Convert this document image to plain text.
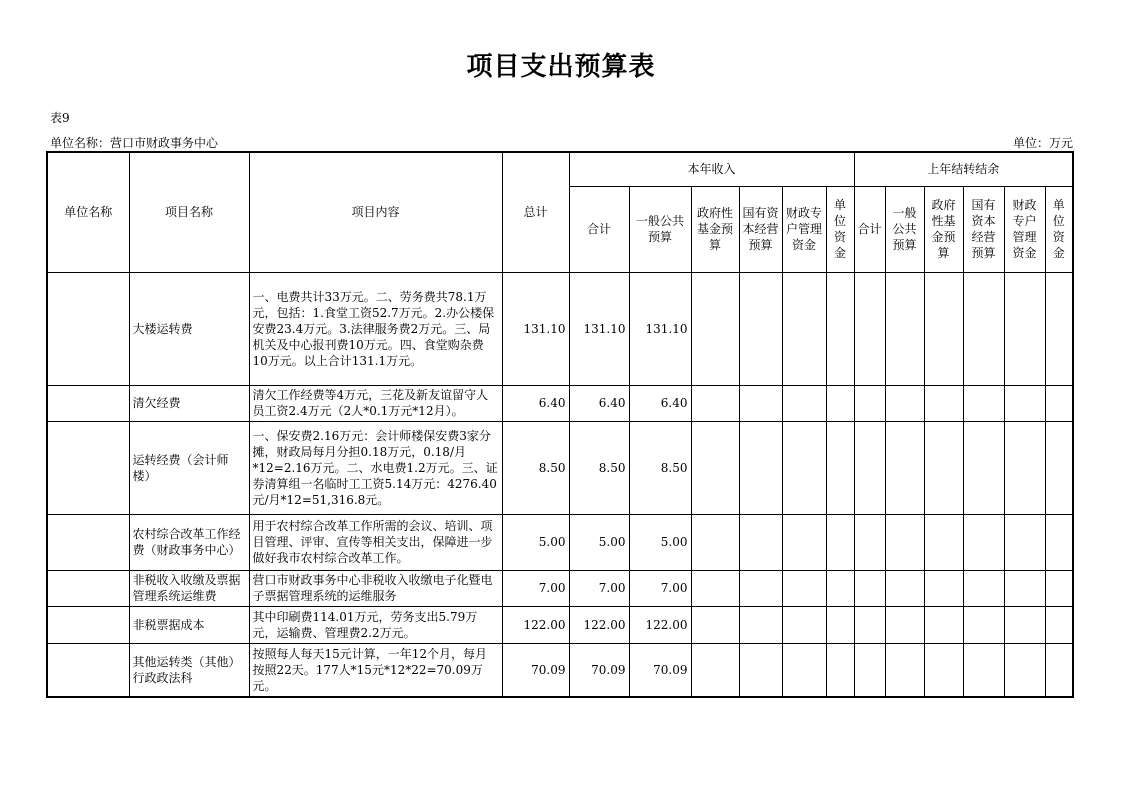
项目支出预算表
表9
单位名称：营口市财政事务中心	单位：万元
单位名称	项目名称	项目内容	总计	本年收入						上年结转结余					
				合计	一般公共预算	政府性基金预算	国有资本经营预算	财政专户管理资金	单位资金	合计	一般公共预算	政府性基金预算	国有资本经营预算	财政专户管理资金	单位资金
	大楼运转费	一、电费共计33万元。二、劳务费共78.1万元，包括：1.食堂工资52.7万元。2.办公楼保安费23.4万元。3.法律服务费2万元。三、局机关及中心报刊费10万元。四、食堂购杂费10万元。以上合计131.1万元。	131.10	131.10	131.10										
	清欠经费	清欠工作经费等4万元，三花及新友谊留守人员工资2.4万元（2人*0.1万元*12月）。	6.40	6.40	6.40										
	运转经费（会计师楼）	一、保安费2.16万元：会计师楼保安费3家分摊，财政局每月分担0.18万元，0.18/月*12=2.16万元。二、水电费1.2万元。三、证券清算组一名临时工工资5.14万元：4276.40元/月*12=51,316.8元。	8.50	8.50	8.50										
	农村综合改革工作经费（财政事务中心）	用于农村综合改革工作所需的会议、培训、项目管理、评审、宣传等相关支出，保障进一步做好我市农村综合改革工作。	5.00	5.00	5.00										
	非税收入收缴及票据管理系统运维费	营口市财政事务中心非税收入收缴电子化暨电子票据管理系统的运维服务	7.00	7.00	7.00										
	非税票据成本	其中印刷费114.01万元，劳务支出5.79万元，运输费、管理费2.2万元。	122.00	122.00	122.00										
	其他运转类（其他）行政政法科	按照每人每天15元计算，一年12个月，每月按照22天。177人*15元*12*22=70.09万元。	70.09	70.09	70.09										
